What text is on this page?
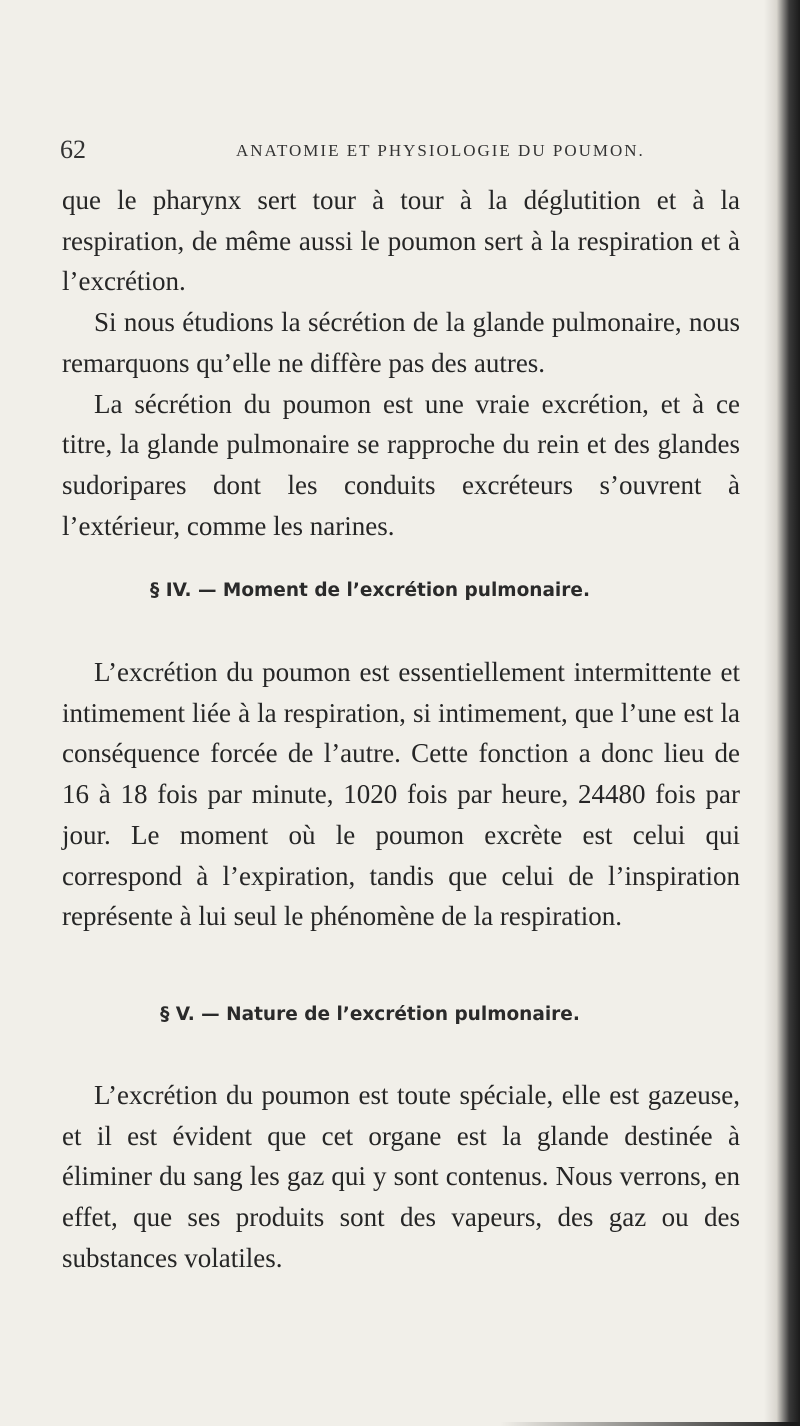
62	ANATOMIE ET PHYSIOLOGIE DU POUMON.

que le pharynx sert tour à tour à la déglutition et à la respiration, de même aussi le poumon sert à la respiration et à l’excrétion.

Si nous étudions la sécrétion de la glande pulmonaire, nous remarquons qu’elle ne diffère pas des autres.

La sécrétion du poumon est une vraie excrétion, et à ce titre, la glande pulmonaire se rapproche du rein et des glandes sudoripares dont les conduits excréteurs s’ouvrent à l’extérieur, comme les narines.

§ IV. — Moment de l’excrétion pulmonaire.

L’excrétion du poumon est essentiellement intermittente et intimement liée à la respiration, si intimement, que l’une est la conséquence forcée de l’autre. Cette fonction a donc lieu de 16 à 18 fois par minute, 1020 fois par heure, 24480 fois par jour. Le moment où le poumon excrète est celui qui correspond à l’expiration, tandis que celui de l’inspiration représente à lui seul le phénomène de la respiration.

§ V. — Nature de l’excrétion pulmonaire.

L’excrétion du poumon est toute spéciale, elle est gazeuse, et il est évident que cet organe est la glande destinée à éliminer du sang les gaz qui y sont contenus. Nous verrons, en effet, que ses produits sont des vapeurs, des gaz ou des substances volatiles.
